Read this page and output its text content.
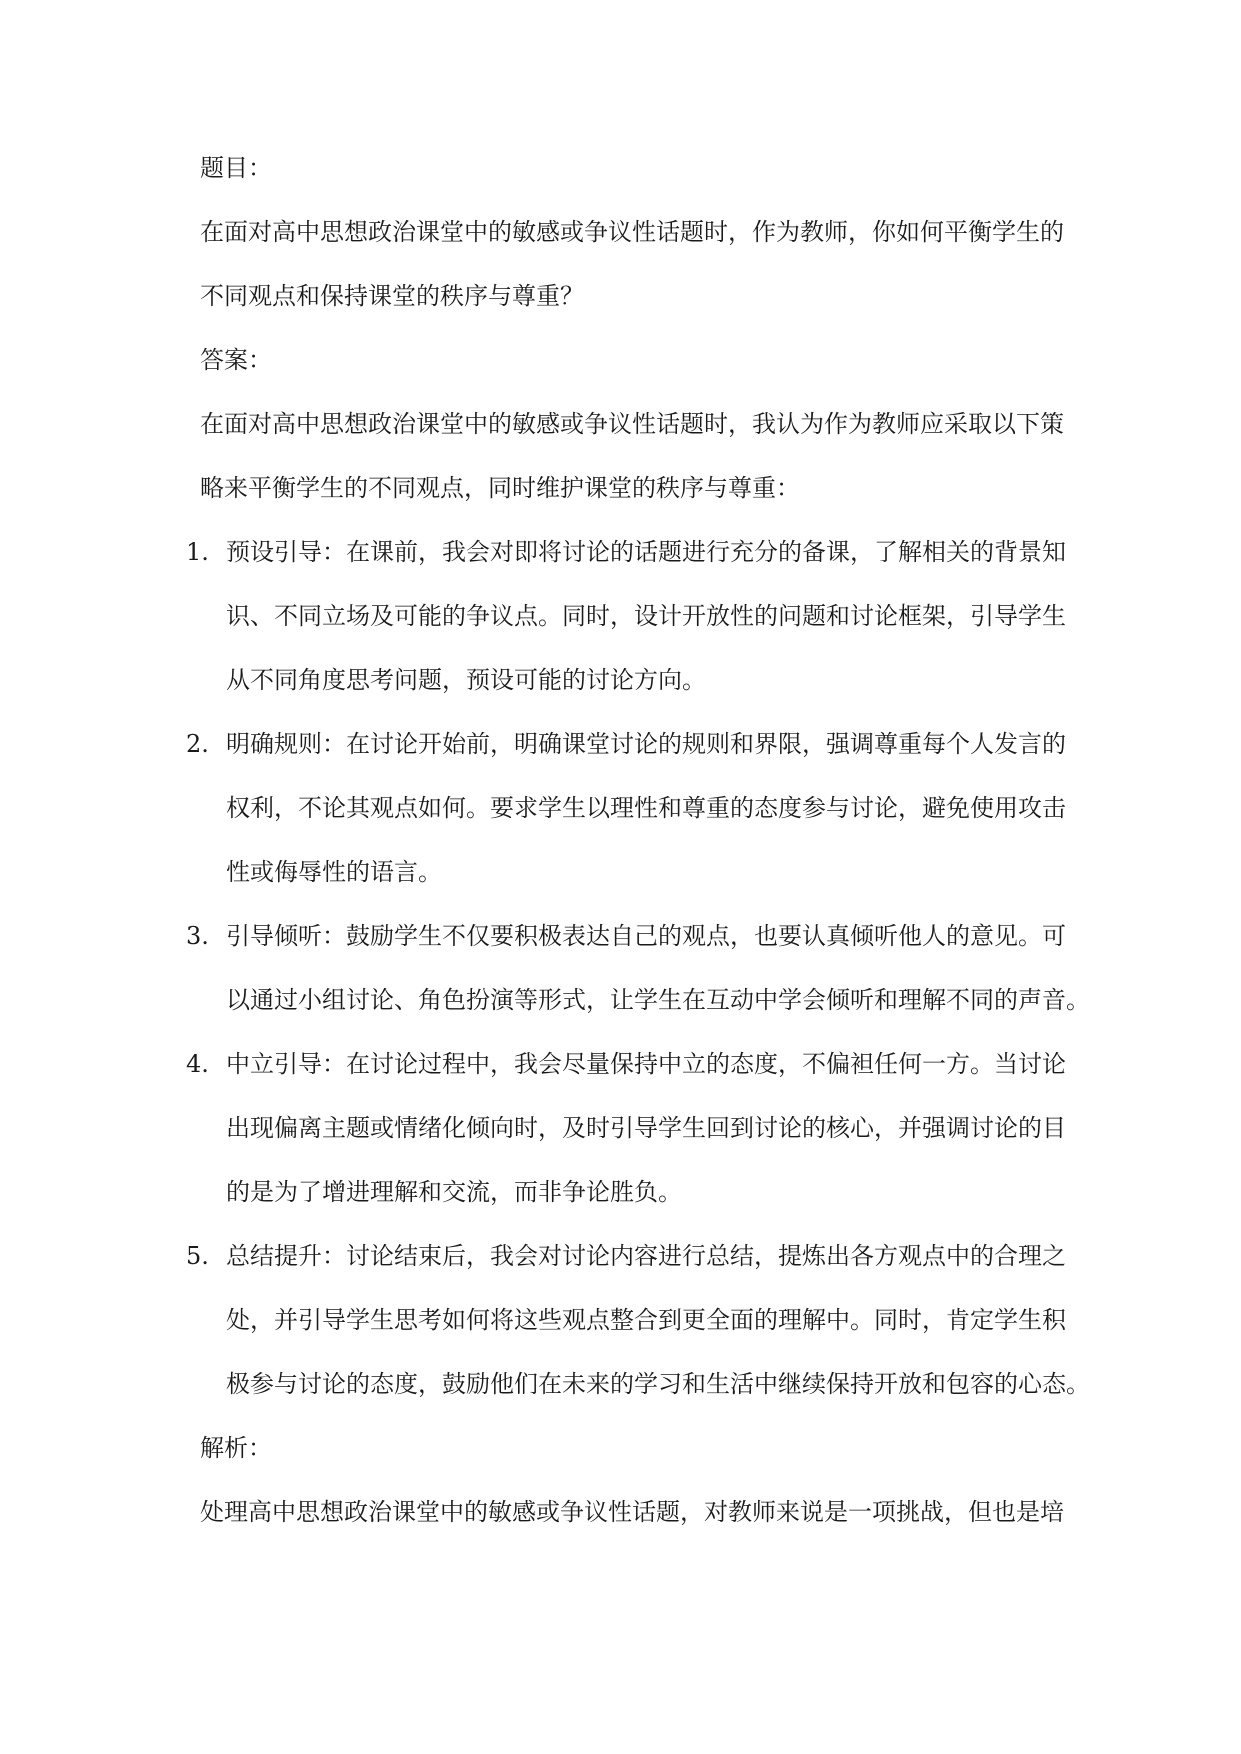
题目：
在面对高中思想政治课堂中的敏感或争议性话题时，作为教师，你如何平衡学生的
不同观点和保持课堂的秩序与尊重？
答案：
在面对高中思想政治课堂中的敏感或争议性话题时，我认为作为教师应采取以下策
略来平衡学生的不同观点，同时维护课堂的秩序与尊重：
1. 预设引导：在课前，我会对即将讨论的话题进行充分的备课，了解相关的背景知
识、不同立场及可能的争议点。同时，设计开放性的问题和讨论框架，引导学生
从不同角度思考问题，预设可能的讨论方向。
2. 明确规则：在讨论开始前，明确课堂讨论的规则和界限，强调尊重每个人发言的
权利，不论其观点如何。要求学生以理性和尊重的态度参与讨论，避免使用攻击
性或侮辱性的语言。
3. 引导倾听：鼓励学生不仅要积极表达自己的观点，也要认真倾听他人的意见。可
以通过小组讨论、角色扮演等形式，让学生在互动中学会倾听和理解不同的声音。
4. 中立引导：在讨论过程中，我会尽量保持中立的态度，不偏袒任何一方。当讨论
出现偏离主题或情绪化倾向时，及时引导学生回到讨论的核心，并强调讨论的目
的是为了增进理解和交流，而非争论胜负。
5. 总结提升：讨论结束后，我会对讨论内容进行总结，提炼出各方观点中的合理之
处，并引导学生思考如何将这些观点整合到更全面的理解中。同时，肯定学生积
极参与讨论的态度，鼓励他们在未来的学习和生活中继续保持开放和包容的心态。
解析：
处理高中思想政治课堂中的敏感或争议性话题，对教师来说是一项挑战，但也是培
